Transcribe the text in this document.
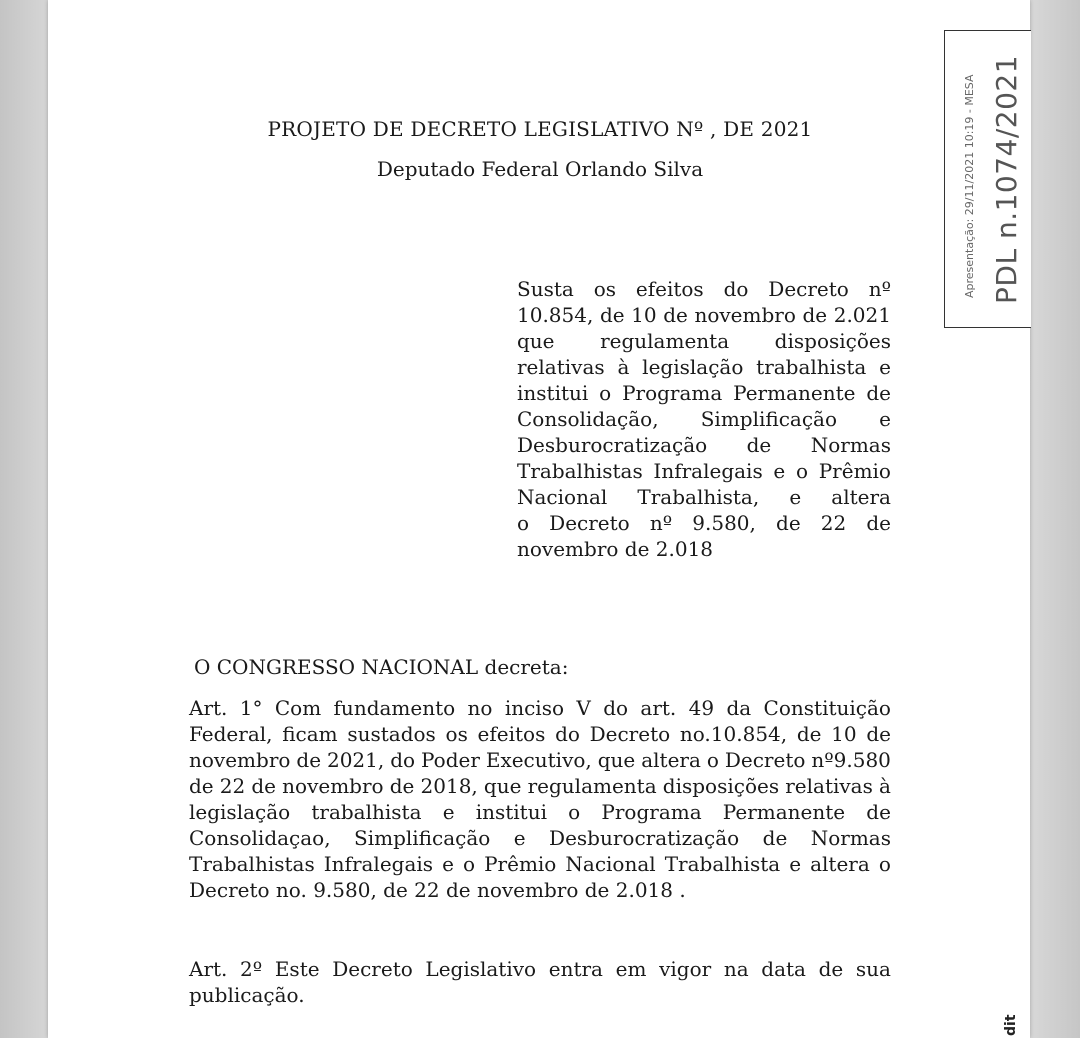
PROJETO DE DECRETO LEGISLATIVO Nº , DE 2021
Deputado Federal Orlando Silva
Susta os efeitos do Decreto nº
10.854, de 10 de novembro de 2.021
que regulamenta disposições
relativas à legislação trabalhista e
institui o Programa Permanente de
Consolidação, Simplificação e
Desburocratização de Normas
Trabalhistas Infralegais e o Prêmio
Nacional Trabalhista, e altera
o Decreto nº 9.580, de 22 de
novembro de 2.018
O CONGRESSO NACIONAL decreta:
Art. 1° Com fundamento no inciso V do art. 49 da Constituição
Federal, ficam sustados os efeitos do Decreto no.10.854, de 10 de
novembro de 2021, do Poder Executivo, que altera o Decreto nº9.580
de 22 de novembro de 2018, que regulamenta disposições relativas à
legislação trabalhista e institui o Programa Permanente de
Consolidaçao, Simplificação e Desburocratização de Normas
Trabalhistas Infralegais e o Prêmio Nacional Trabalhista e altera o
Decreto no. 9.580, de 22 de novembro de 2.018 .
Art. 2º Este Decreto Legislativo entra em vigor na data de sua
publicação.
Apresentação: 29/11/2021 10:19 - MESA PDL n.1074/2021
dit
